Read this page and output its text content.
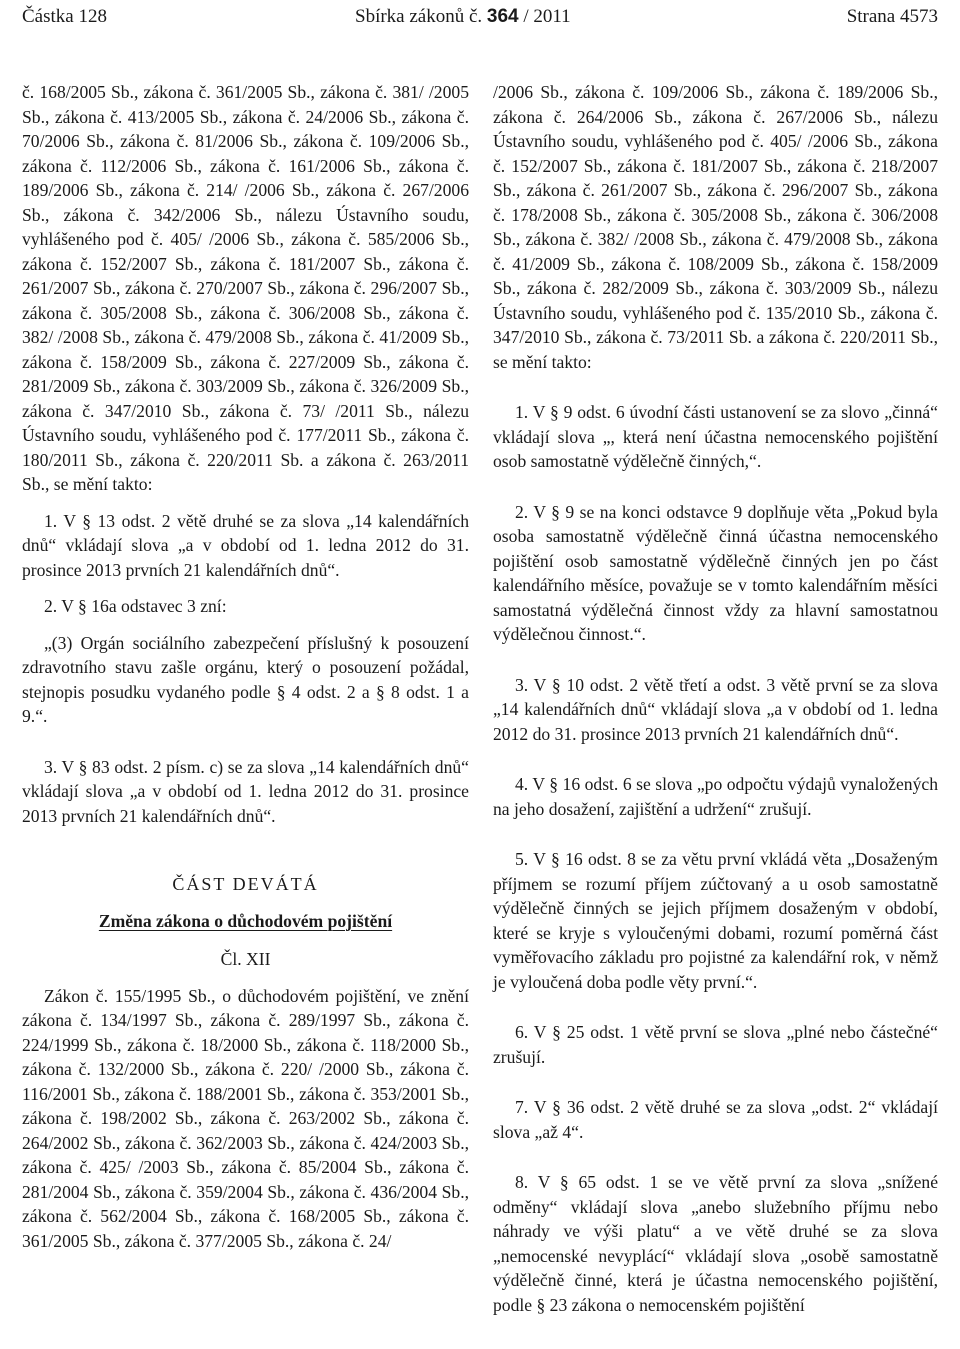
Částka 128	Sbírka zákonů č. 364 / 2011	Strana 4573

č. 168/2005 Sb., zákona č. 361/2005 Sb., zákona č. 381/ /2005 Sb., zákona č. 413/2005 Sb., zákona č. 24/2006 Sb., zákona č. 70/2006 Sb., zákona č. 81/2006 Sb., zákona č. 109/2006 Sb., zákona č. 112/2006 Sb., zákona č. 161/2006 Sb., zákona č. 189/2006 Sb., zákona č. 214/ /2006 Sb., zákona č. 267/2006 Sb., zákona č. 342/2006 Sb., nálezu Ústavního soudu, vyhlášeného pod č. 405/ /2006 Sb., zákona č. 585/2006 Sb., zákona č. 152/2007 Sb., zákona č. 181/2007 Sb., zákona č. 261/2007 Sb., zákona č. 270/2007 Sb., zákona č. 296/2007 Sb., zákona č. 305/2008 Sb., zákona č. 306/2008 Sb., zákona č. 382/ /2008 Sb., zákona č. 479/2008 Sb., zákona č. 41/2009 Sb., zákona č. 158/2009 Sb., zákona č. 227/2009 Sb., zákona č. 281/2009 Sb., zákona č. 303/2009 Sb., zákona č. 326/2009 Sb., zákona č. 347/2010 Sb., zákona č. 73/ /2011 Sb., nálezu Ústavního soudu, vyhlášeného pod č. 177/2011 Sb., zákona č. 180/2011 Sb., zákona č. 220/2011 Sb. a zákona č. 263/2011 Sb., se mění takto:

1. V § 13 odst. 2 větě druhé se za slova „14 kalendářních dnů“ vkládají slova „a v období od 1. ledna 2012 do 31. prosince 2013 prvních 21 kalendářních dnů“.

2. V § 16a odstavec 3 zní:

„(3) Orgán sociálního zabezpečení příslušný k posouzení zdravotního stavu zašle orgánu, který o posouzení požádal, stejnopis posudku vydaného podle § 4 odst. 2 a § 8 odst. 1 a 9.“.

3. V § 83 odst. 2 písm. c) se za slova „14 kalendářních dnů“ vkládají slova „a v období od 1. ledna 2012 do 31. prosince 2013 prvních 21 kalendářních dnů“.

ČÁST DEVÁTÁ

Změna zákona o důchodovém pojištění

Čl. XII

Zákon č. 155/1995 Sb., o důchodovém pojištění, ve znění zákona č. 134/1997 Sb., zákona č. 289/1997 Sb., zákona č. 224/1999 Sb., zákona č. 18/2000 Sb., zákona č. 118/2000 Sb., zákona č. 132/2000 Sb., zákona č. 220/ /2000 Sb., zákona č. 116/2001 Sb., zákona č. 188/2001 Sb., zákona č. 353/2001 Sb., zákona č. 198/2002 Sb., zákona č. 263/2002 Sb., zákona č. 264/2002 Sb., zákona č. 362/2003 Sb., zákona č. 424/2003 Sb., zákona č. 425/ /2003 Sb., zákona č. 85/2004 Sb., zákona č. 281/2004 Sb., zákona č. 359/2004 Sb., zákona č. 436/2004 Sb., zákona č. 562/2004 Sb., zákona č. 168/2005 Sb., zákona č. 361/2005 Sb., zákona č. 377/2005 Sb., zákona č. 24/

/2006 Sb., zákona č. 109/2006 Sb., zákona č. 189/2006 Sb., zákona č. 264/2006 Sb., zákona č. 267/2006 Sb., nálezu Ústavního soudu, vyhlášeného pod č. 405/ /2006 Sb., zákona č. 152/2007 Sb., zákona č. 181/2007 Sb., zákona č. 218/2007 Sb., zákona č. 261/2007 Sb., zákona č. 296/2007 Sb., zákona č. 178/2008 Sb., zákona č. 305/2008 Sb., zákona č. 306/2008 Sb., zákona č. 382/ /2008 Sb., zákona č. 479/2008 Sb., zákona č. 41/2009 Sb., zákona č. 108/2009 Sb., zákona č. 158/2009 Sb., zákona č. 282/2009 Sb., zákona č. 303/2009 Sb., nálezu Ústavního soudu, vyhlášeného pod č. 135/2010 Sb., zákona č. 347/2010 Sb., zákona č. 73/2011 Sb. a zákona č. 220/2011 Sb., se mění takto:

1. V § 9 odst. 6 úvodní části ustanovení se za slovo „činná“ vkládají slova „, která není účastna nemocenského pojištění osob samostatně výdělečně činných,“.

2. V § 9 se na konci odstavce 9 doplňuje věta „Pokud byla osoba samostatně výdělečně činná účastna nemocenského pojištění osob samostatně výdělečně činných jen po část kalendářního měsíce, považuje se v tomto kalendářním měsíci samostatná výdělečná činnost vždy za hlavní samostatnou výdělečnou činnost.“.

3. V § 10 odst. 2 větě třetí a odst. 3 větě první se za slova „14 kalendářních dnů“ vkládají slova „a v období od 1. ledna 2012 do 31. prosince 2013 prvních 21 kalendářních dnů“.

4. V § 16 odst. 6 se slova „po odpočtu výdajů vynaložených na jeho dosažení, zajištění a udržení“ zrušují.

5. V § 16 odst. 8 se za větu první vkládá věta „Dosaženým příjmem se rozumí příjem zúčtovaný a u osob samostatně výdělečně činných se jejich příjmem dosaženým v období, které se kryje s vyloučenými dobami, rozumí poměrná část vyměřovacího základu pro pojistné za kalendářní rok, v němž je vyloučená doba podle věty první.“.

6. V § 25 odst. 1 větě první se slova „plné nebo částečné“ zrušují.

7. V § 36 odst. 2 větě druhé se za slova „odst. 2“ vkládají slova „až 4“.

8. V § 65 odst. 1 se ve větě první za slova „snížené odměny“ vkládají slova „anebo služebního příjmu nebo náhrady ve výši platu“ a ve větě druhé se za slova „nemocenské nevyplácí“ vkládají slova „osobě samostatně výdělečně činné, která je účastna nemocenského pojištění, podle § 23 zákona o nemocenském pojištění
